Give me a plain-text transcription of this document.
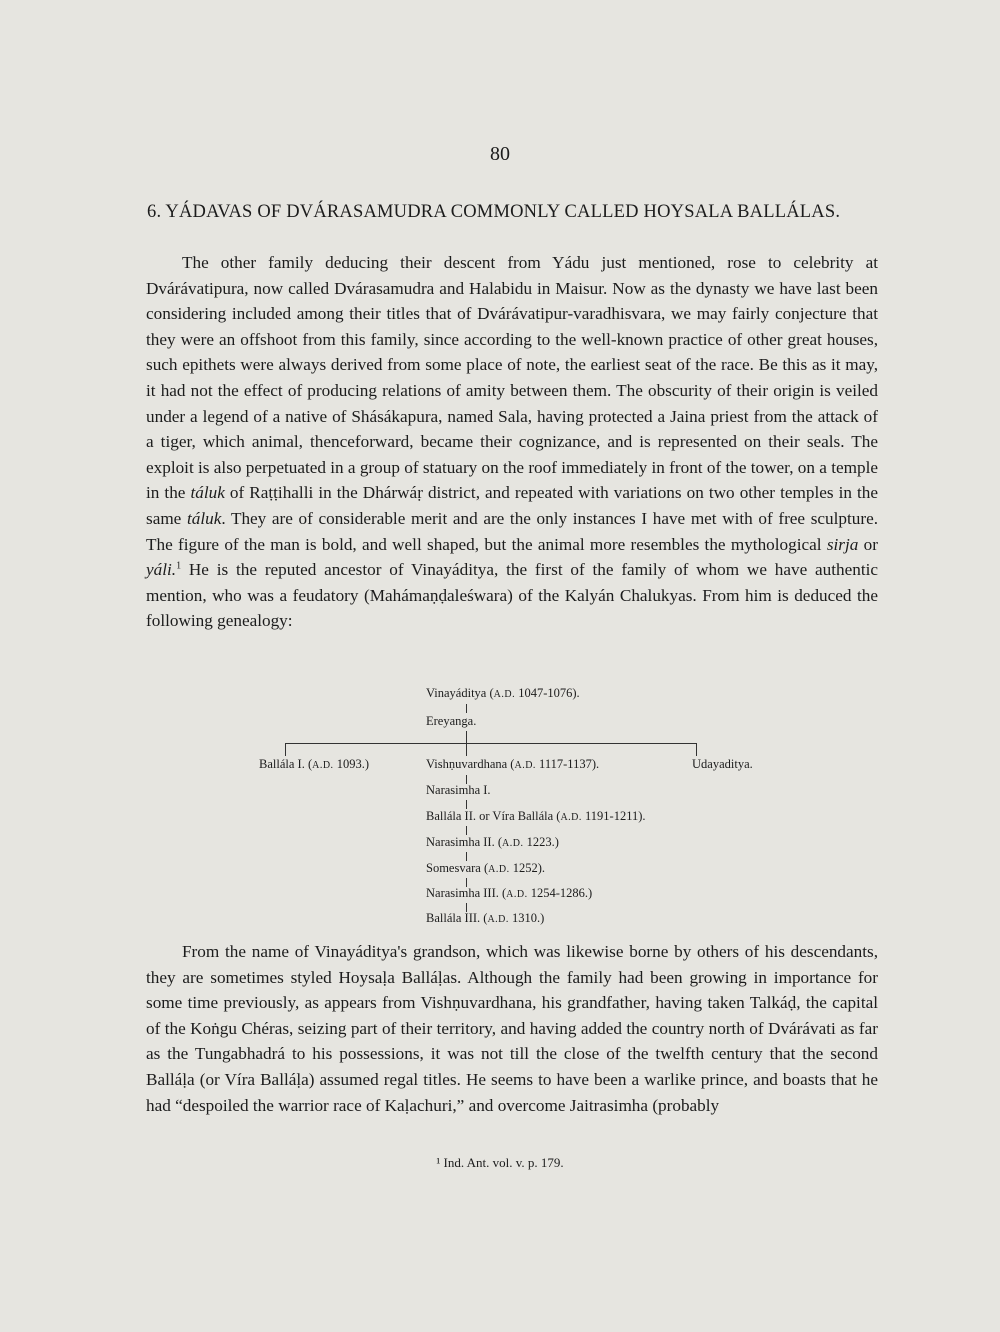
80
6. YÁDAVAS OF DVÁRASAMUDRA COMMONLY CALLED HOYSALA BALLÁLAS.
The other family deducing their descent from Yádu just mentioned, rose to celebrity at Dvárávatipura, now called Dvárasamudra and Halabidu in Maisur. Now as the dynasty we have last been considering included among their titles that of Dvárávatipur-varadhisvara, we may fairly conjecture that they were an offshoot from this family, since according to the well-known practice of other great houses, such epithets were always derived from some place of note, the earliest seat of the race. Be this as it may, it had not the effect of producing relations of amity between them. The obscurity of their origin is veiled under a legend of a native of Shásákapura, named Sala, having protected a Jaina priest from the attack of a tiger, which animal, thenceforward, became their cognizance, and is represented on their seals. The exploit is also perpetuated in a group of statuary on the roof immediately in front of the tower, on a temple in the táluk of Raṭṭihalli in the Dhárwáṛ district, and repeated with variations on two other temples in the same táluk. They are of considerable merit and are the only instances I have met with of free sculpture. The figure of the man is bold, and well shaped, but the animal more resembles the mythological sirja or yáli.$^1$ He is the reputed ancestor of Vinayáditya, the first of the family of whom we have authentic mention, who was a feudatory (Mahámaṇḍaleśwara) of the Kalyán Chalukyas. From him is deduced the following genealogy:
Vinayáditya (A.D. 1047-1076).
Ereyanga.
Ballála I. (A.D. 1093.)	Vishṇuvardhana (A.D. 1117-1137).	Udayaditya.
Narasimha I.
Ballála II. or Víra Ballála (A.D. 1191-1211).
Narasimha II. (A.D. 1223.)
Somesvara (A.D. 1252).
Narasimha III. (A.D. 1254-1286.)
Ballála III. (A.D. 1310.)
From the name of Vinayáditya's grandson, which was likewise borne by others of his descendants, they are sometimes styled Hoysaḷa Balláḷas. Although the family had been growing in importance for some time previously, as appears from Vishṇuvardhana, his grandfather, having taken Talkáḍ, the capital of the Koṅgu Chéras, seizing part of their territory, and having added the country north of Dvárávati as far as the Tungabhadrá to his possessions, it was not till the close of the twelfth century that the second Balláḷa (or Víra Balláḷa) assumed regal titles. He seems to have been a warlike prince, and boasts that he had “despoiled the warrior race of Kaḷachuri,” and overcome Jaitrasimha (probably
¹ Ind. Ant. vol. v. p. 179.
